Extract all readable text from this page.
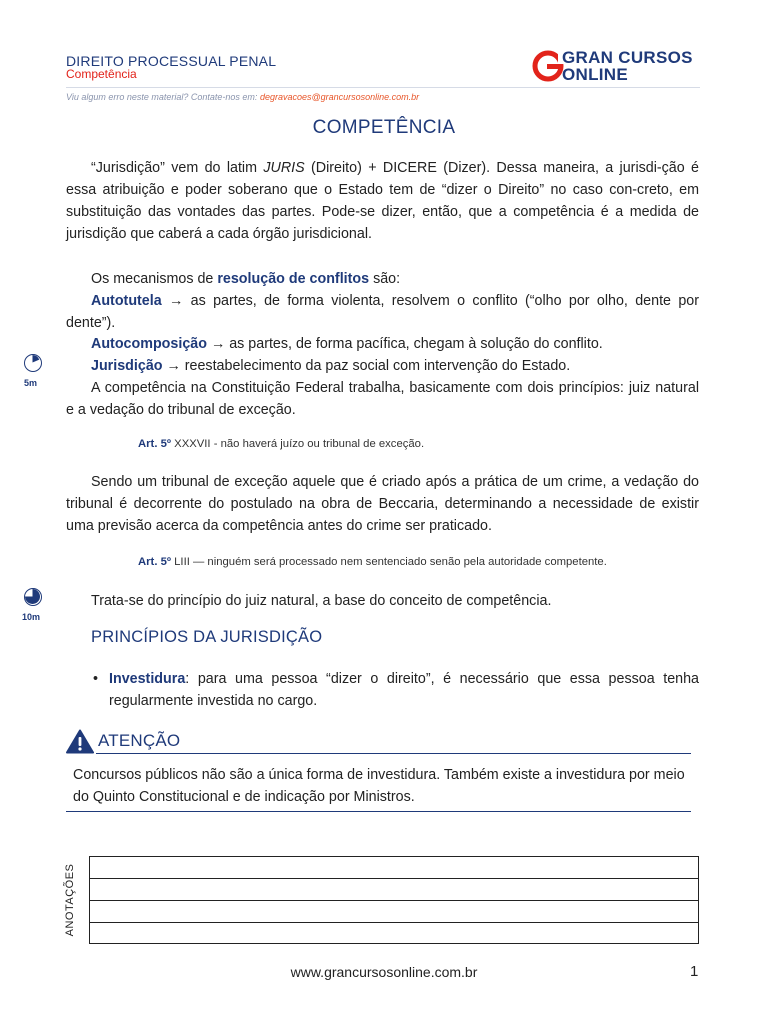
DIREITO PROCESSUAL PENAL
Competência
GRAN CURSOS
ONLINE
Viu algum erro neste material? Contate-nos em: degravacoes@grancursosonline.com.br
COMPETÊNCIA
“Jurisdição” vem do latim JURIS (Direito) + DICERE (Dizer). Dessa maneira, a jurisdi-ção é essa atribuição e poder soberano que o Estado tem de “dizer o Direito” no caso con-creto, em substituição das vontades das partes. Pode-se dizer, então, que a competência é a medida de jurisdição que caberá a cada órgão jurisdicional.
Os mecanismos de resolução de conflitos são:
Autotutela → as partes, de forma violenta, resolvem o conflito (“olho por olho, dente por dente”).
Autocomposição → as partes, de forma pacífica, chegam à solução do conflito.
Jurisdição → reestabelecimento da paz social com intervenção do Estado.
A competência na Constituição Federal trabalha, basicamente com dois princípios: juiz natural e a vedação do tribunal de exceção.
5m
Art. 5º XXXVII - não haverá juízo ou tribunal de exceção.
Sendo um tribunal de exceção aquele que é criado após a prática de um crime, a vedação do tribunal é decorrente do postulado na obra de Beccaria, determinando a necessidade de existir uma previsão acerca da competência antes do crime ser praticado.
Art. 5º LIII — ninguém será processado nem sentenciado senão pela autoridade competente.
10m
Trata-se do princípio do juiz natural, a base do conceito de competência.
PRINCÍPIOS DA JURISDIÇÃO
• Investidura: para uma pessoa “dizer o direito”, é necessário que essa pessoa tenha regularmente investida no cargo.
ATENÇÃO
Concursos públicos não são a única forma de investidura. Também existe a investidura por meio do Quinto Constitucional e de indicação por Ministros.
ANOTAÇÕES
www.grancursosonline.com.br	1
